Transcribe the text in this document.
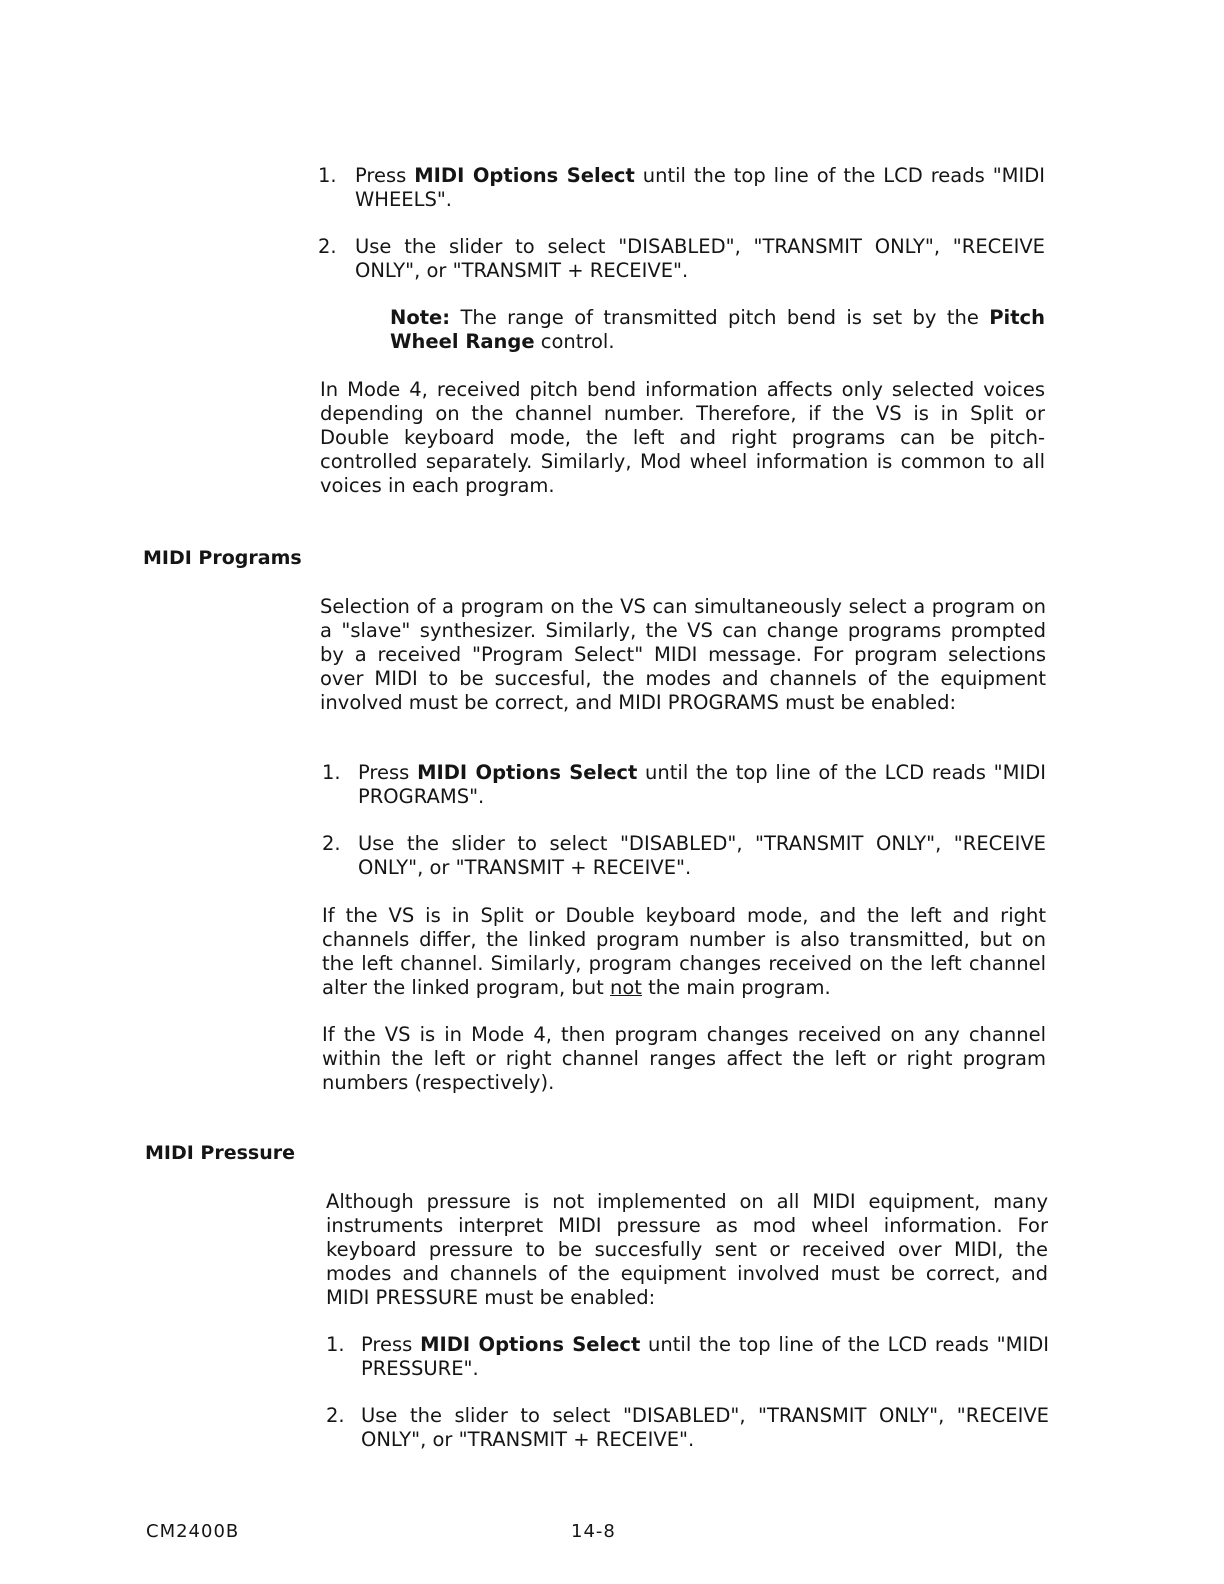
1. Press MIDI Options Select until the top line of the LCD reads "MIDI WHEELS".
2. Use the slider to select "DISABLED", "TRANSMIT ONLY", "RECEIVE ONLY", or "TRANSMIT + RECEIVE".
Note: The range of transmitted pitch bend is set by the Pitch Wheel Range control.
In Mode 4, received pitch bend information affects only selected voices depending on the channel number. Therefore, if the VS is in Split or Double keyboard mode, the left and right programs can be pitch-controlled separately. Similarly, Mod wheel information is common to all voices in each program.
MIDI Programs
Selection of a program on the VS can simultaneously select a program on a "slave" synthesizer. Similarly, the VS can change programs prompted by a received "Program Select" MIDI message. For program selections over MIDI to be succesful, the modes and channels of the equipment involved must be correct, and MIDI PROGRAMS must be enabled:
1. Press MIDI Options Select until the top line of the LCD reads "MIDI PROGRAMS".
2. Use the slider to select "DISABLED", "TRANSMIT ONLY", "RECEIVE ONLY", or "TRANSMIT + RECEIVE".
If the VS is in Split or Double keyboard mode, and the left and right channels differ, the linked program number is also transmitted, but on the left channel. Similarly, program changes received on the left channel alter the linked program, but not the main program.
If the VS is in Mode 4, then program changes received on any channel within the left or right channel ranges affect the left or right program numbers (respectively).
MIDI Pressure
Although pressure is not implemented on all MIDI equipment, many instruments interpret MIDI pressure as mod wheel information. For keyboard pressure to be succesfully sent or received over MIDI, the modes and channels of the equipment involved must be correct, and MIDI PRESSURE must be enabled:
1. Press MIDI Options Select until the top line of the LCD reads "MIDI PRESSURE".
2. Use the slider to select "DISABLED", "TRANSMIT ONLY", "RECEIVE ONLY", or "TRANSMIT + RECEIVE".
CM2400B	14-8
